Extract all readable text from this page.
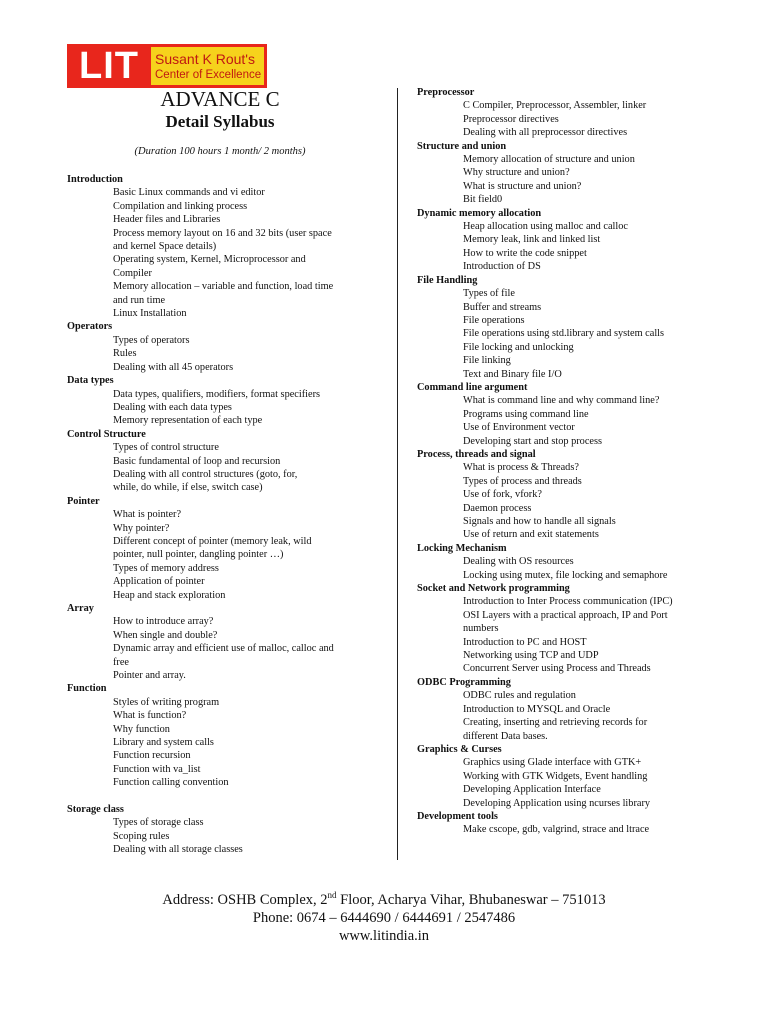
LIT	Susant K Rout's
Center of Excellence
ADVANCE C
Detail Syllabus
(Duration 100 hours 1 month/ 2 months)
Introduction
Basic Linux commands and vi editor
Compilation and linking process
Header files and Libraries
Process memory layout on 16 and 32 bits (user space
and kernel Space details)
Operating system, Kernel, Microprocessor and
Compiler
Memory allocation – variable and function, load time
and run time
Linux Installation
Operators
Types of operators
Rules
Dealing with all 45 operators
Data types
Data types, qualifiers, modifiers, format specifiers
Dealing with each data types
Memory representation of each type
Control Structure
Types of control structure
Basic fundamental of loop and recursion
Dealing with all control structures (goto, for,
while, do while, if else, switch case)
Pointer
What is pointer?
Why pointer?
Different concept of pointer (memory leak, wild
pointer, null pointer, dangling pointer …)
Types of memory address
Application of pointer
Heap and stack exploration
Array
How to introduce array?
When single and double?
Dynamic array and efficient use of malloc, calloc and
free
Pointer and array.
Function
Styles of writing program
What is function?
Why function
Library and system calls
Function recursion
Function with va_list
Function calling convention
Storage class
Types of storage class
Scoping rules
Dealing with all storage classes
Preprocessor
C Compiler, Preprocessor, Assembler, linker
Preprocessor directives
Dealing with all preprocessor directives
Structure and union
Memory allocation of structure and union
Why structure and union?
What is structure and union?
Bit field0
Dynamic memory allocation
Heap allocation using malloc and calloc
Memory leak, link and linked list
How to write the code snippet
Introduction of DS
File Handling
Types of file
Buffer and streams
File operations
File operations using std.library and system calls
File locking and unlocking
File linking
Text and Binary file I/O
Command line argument
What is command line and why command line?
Programs using command line
Use of Environment vector
Developing start and stop process
Process, threads and signal
What is process & Threads?
Types of process and threads
Use of fork, vfork?
Daemon process
Signals and how to handle all signals
Use of return and exit statements
Locking Mechanism
Dealing with OS resources
Locking using mutex, file locking and semaphore
Socket and Network programming
Introduction to Inter Process communication (IPC)
OSI Layers with a practical approach, IP and Port
numbers
Introduction to PC and HOST
Networking using TCP and UDP
Concurrent Server using Process and Threads
ODBC Programming
ODBC rules and regulation
Introduction to MYSQL and Oracle
Creating, inserting and retrieving records for
different Data bases.
Graphics & Curses
Graphics using Glade interface with GTK+
Working with GTK Widgets, Event handling
Developing Application Interface
Developing Application using ncurses library
Development tools
Make cscope, gdb, valgrind, strace and ltrace
Address: OSHB Complex, 2nd Floor, Acharya Vihar, Bhubaneswar – 751013
Phone: 0674 – 6444690 / 6444691 / 2547486
www.litindia.in
